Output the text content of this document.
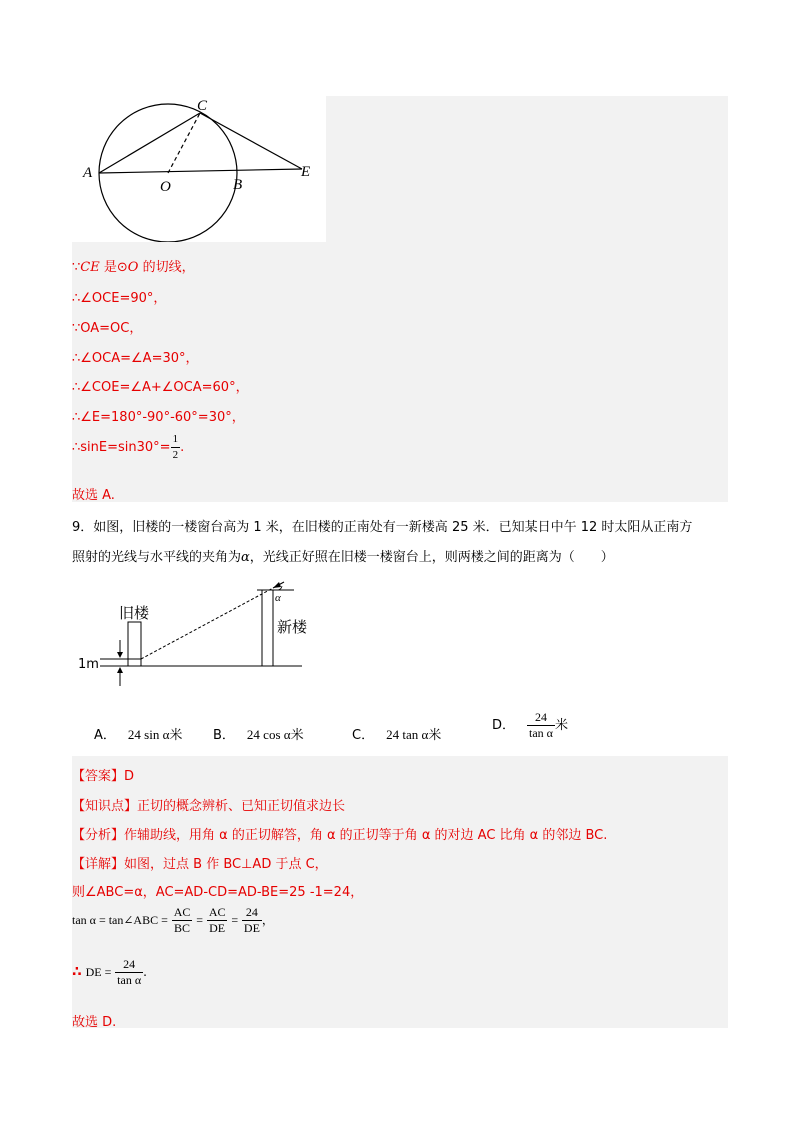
A
C
O	B
E
∵CE 是⊙O 的切线，
∴∠OCE=90°，
∵OA=OC，
∴∠OCA=∠A=30°，
∴∠COE=∠A+∠OCA=60°，
∴∠E=180°-90°-60°=30°，
∴sinE=sin30°= $\frac{1}{2}$ .
故选 A.
9．如图，旧楼的一楼窗台高为 1 米，在旧楼的正南处有一新楼高 25 米．已知某日中午 12 时太阳从正南方
照射的光线与水平线的夹角为α，光线正好照在旧楼一楼窗台上，则两楼之间的距离为（　　）
旧楼
新楼
1m
α
A． 24 sin α米 B． 24 cos α米	C． 24 tan α米
D． $\frac{24}{\text{tan α}}$ 米
【答案】D
【知识点】正切的概念辨析、已知正切值求边长
【分析】作辅助线，用角 α 的正切解答，角 α 的正切等于角 α 的对边 AC 比角 α 的邻边 BC.
【详解】如图，过点 B 作 BC⊥AD 于点 C，
则∠ABC=α，AC=AD-CD=AD-BE=25 -1=24，
tan α = tan∠ABC = $\frac{AC}{BC} = \frac{AC}{DE} = \frac{24}{DE}$ ，
∴ DE = $\frac{24}{\text{tan α}}$ .
故选 D.
